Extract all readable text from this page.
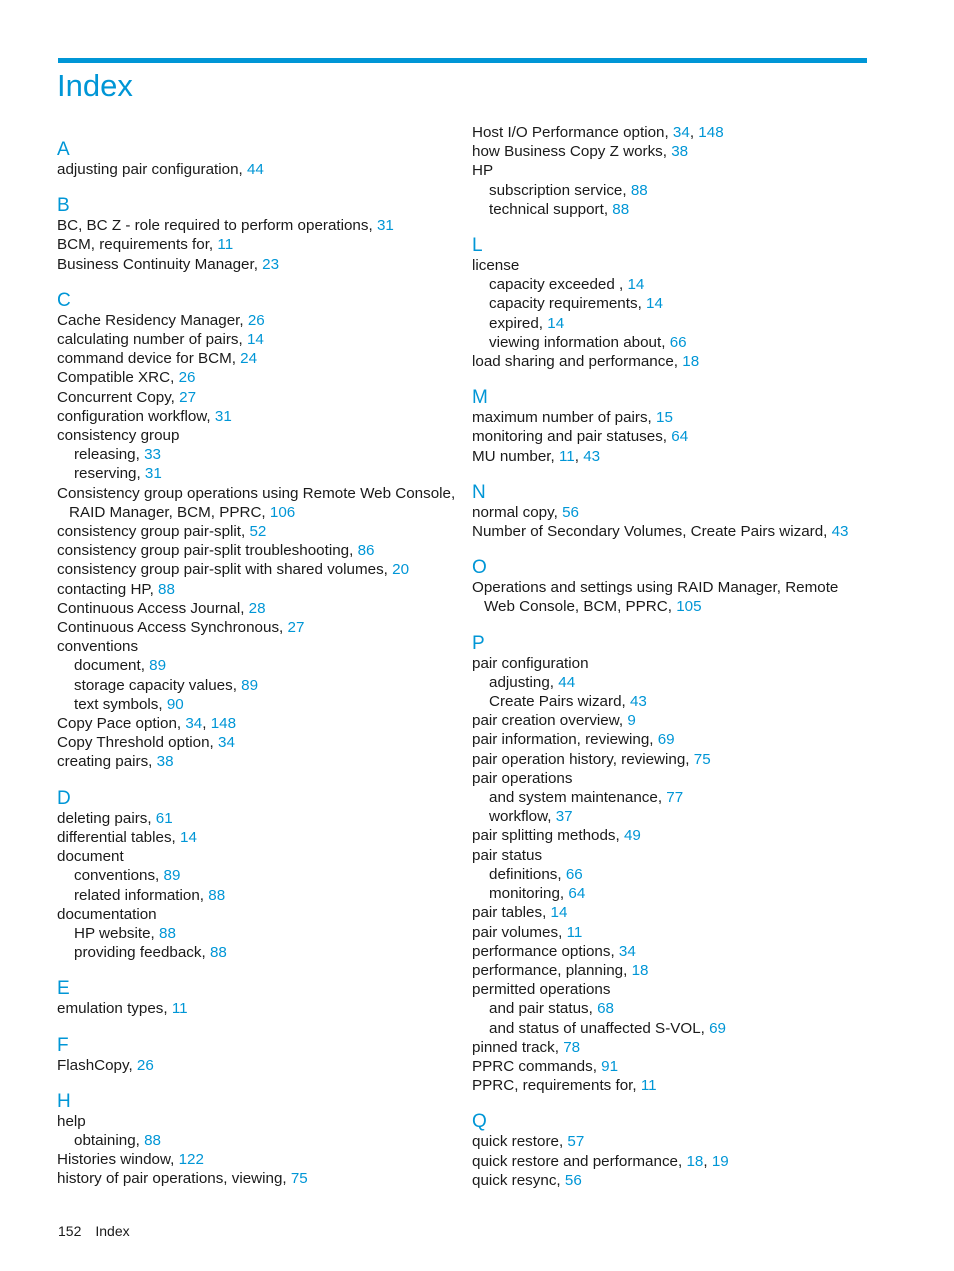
Index
A
adjusting pair configuration, 44
B
BC, BC Z - role required to perform operations, 31
BCM, requirements for, 11
Business Continuity Manager, 23
C
Cache Residency Manager, 26
calculating number of pairs, 14
command device for BCM, 24
Compatible XRC, 26
Concurrent Copy, 27
configuration workflow, 31
consistency group
releasing, 33
reserving, 31
Consistency group operations using Remote Web Console, RAID Manager, BCM, PPRC, 106
consistency group pair-split, 52
consistency group pair-split troubleshooting, 86
consistency group pair-split with shared volumes, 20
contacting HP, 88
Continuous Access Journal, 28
Continuous Access Synchronous, 27
conventions
document, 89
storage capacity values, 89
text symbols, 90
Copy Pace option, 34, 148
Copy Threshold option, 34
creating pairs, 38
D
deleting pairs, 61
differential tables, 14
document
conventions, 89
related information, 88
documentation
HP website, 88
providing feedback, 88
E
emulation types, 11
F
FlashCopy, 26
H
help
obtaining, 88
Histories window, 122
history of pair operations, viewing, 75
Host I/O Performance option, 34, 148
how Business Copy Z works, 38
HP
subscription service, 88
technical support, 88
L
license
capacity exceeded , 14
capacity requirements, 14
expired, 14
viewing information about, 66
load sharing and performance, 18
M
maximum number of pairs, 15
monitoring and pair statuses, 64
MU number, 11, 43
N
normal copy, 56
Number of Secondary Volumes, Create Pairs wizard, 43
O
Operations and settings using RAID Manager, Remote Web Console, BCM, PPRC, 105
P
pair configuration
adjusting, 44
Create Pairs wizard, 43
pair creation overview, 9
pair information, reviewing, 69
pair operation history, reviewing, 75
pair operations
and system maintenance, 77
workflow, 37
pair splitting methods, 49
pair status
definitions, 66
monitoring, 64
pair tables, 14
pair volumes, 11
performance options, 34
performance, planning, 18
permitted operations
and pair status, 68
and status of unaffected S-VOL, 69
pinned track, 78
PPRC commands, 91
PPRC, requirements for, 11
Q
quick restore, 57
quick restore and performance, 18, 19
quick resync, 56
152 Index
